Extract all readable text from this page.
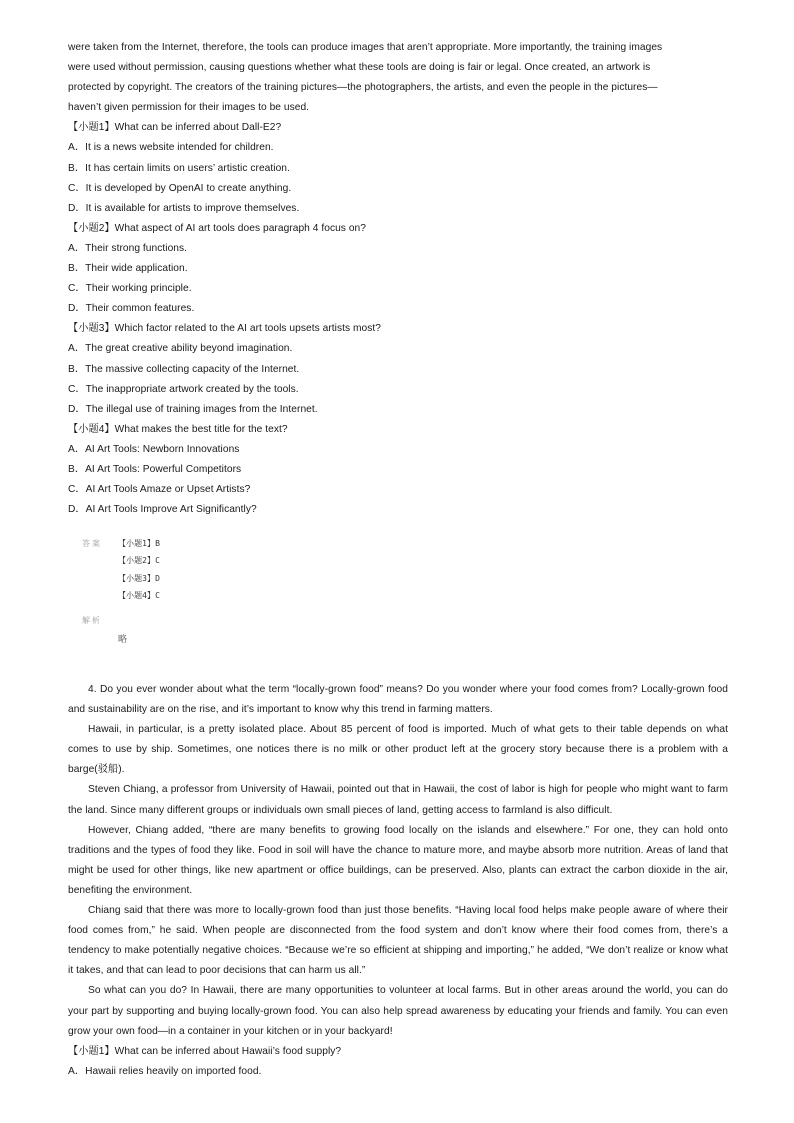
were taken from the Internet, therefore, the tools can produce images that aren’t appropriate. More importantly, the training images
were used without permission, causing questions whether what these tools are doing is fair or legal. Once created, an artwork is
protected by copyright. The creators of the training pictures—the photographers, the artists, and even the people in the pictures—
haven’t given permission for their images to be used.
【小题1】What can be inferred about Dall-E2?
A．It is a news website intended for children.
B．It has certain limits on users’ artistic creation.
C．It is developed by OpenAI to create anything.
D．It is available for artists to improve themselves.
【小题2】What aspect of AI art tools does paragraph 4 focus on?
A．Their strong functions.
B．Their wide application.
C．Their working principle.
D．Their common features.
【小题3】Which factor related to the AI art tools upsets artists most?
A．The great creative ability beyond imagination.
B．The massive collecting capacity of the Internet.
C．The inappropriate artwork created by the tools.
D．The illegal use of training images from the Internet.
【小题4】What makes the best title for the text?
A．AI Art Tools: Newborn Innovations
B．AI Art Tools: Powerful Competitors
C．AI Art Tools Amaze or Upset Artists?
D．AI Art Tools Improve Art Significantly?
答案 【小题1】B
【小题2】C
【小题3】D
【小题4】C
解析
略
4. Do you ever wonder about what the term “locally-grown food” means? Do you wonder where your food comes from? Locally-grown food and sustainability are on the rise, and it’s important to know why this trend in farming matters.
Hawaii, in particular, is a pretty isolated place. About 85 percent of food is imported. Much of what gets to their table depends on what comes to use by ship. Sometimes, one notices there is no milk or other product left at the grocery story because there is a problem with a barge(驳船).
Steven Chiang, a professor from University of Hawaii, pointed out that in Hawaii, the cost of labor is high for people who might want to farm the land. Since many different groups or individuals own small pieces of land, getting access to farmland is also difficult.
However, Chiang added, “there are many benefits to growing food locally on the islands and elsewhere.” For one, they can hold onto traditions and the types of food they like. Food in soil will have the chance to mature more, and maybe absorb more nutrition. Areas of land that might be used for other things, like new apartment or office buildings, can be preserved. Also, plants can extract the carbon dioxide in the air, benefiting the environment.
Chiang said that there was more to locally-grown food than just those benefits. “Having local food helps make people aware of where their food comes from,” he said. When people are disconnected from the food system and don’t know where their food comes from, there’s a tendency to make potentially negative choices. “Because we’re so efficient at shipping and importing,” he added, “We don’t realize or know what it takes, and that can lead to poor decisions that can harm us all.”
So what can you do? In Hawaii, there are many opportunities to volunteer at local farms. But in other areas around the world, you can do your part by supporting and buying locally-grown food. You can also help spread awareness by educating your friends and family. You can even grow your own food—in a container in your kitchen or in your backyard!
【小题1】What can be inferred about Hawaii’s food supply?
A．Hawaii relies heavily on imported food.
